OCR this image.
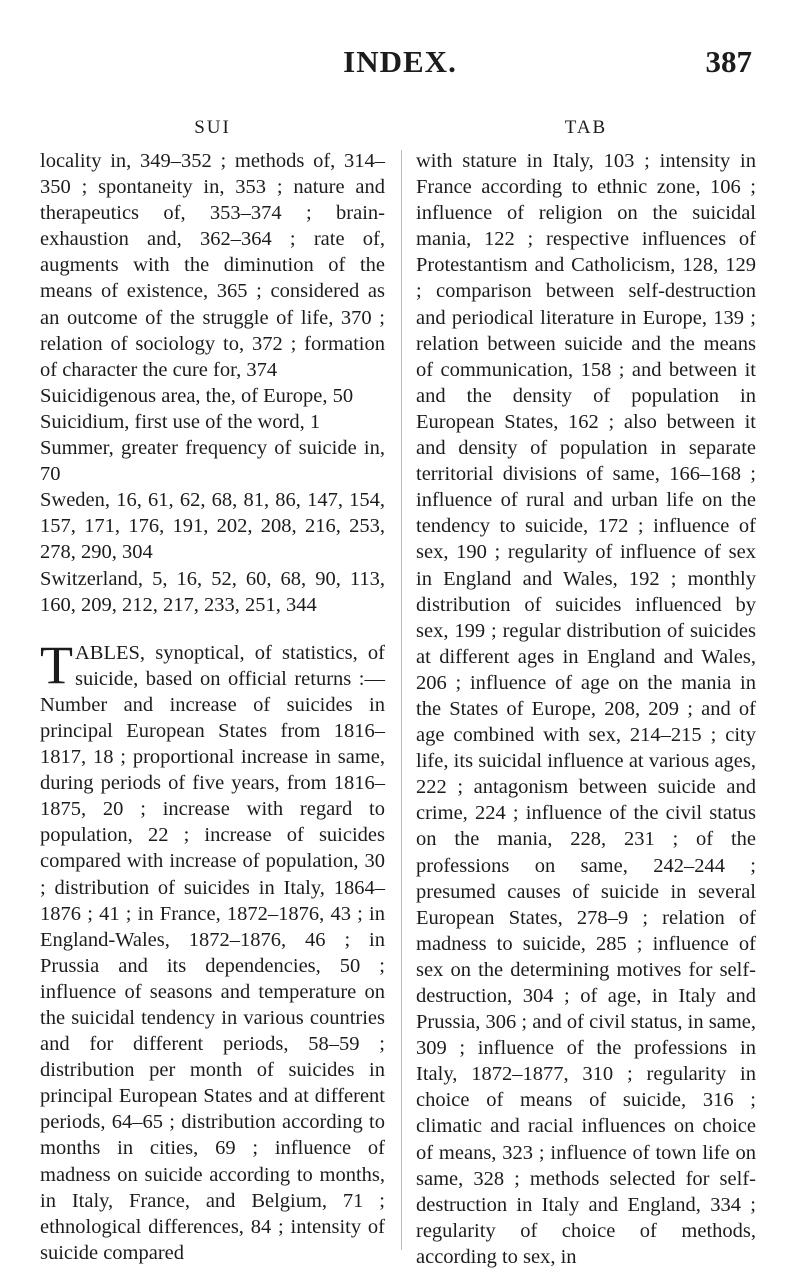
INDEX.	387
SUI	TAB

locality in, 349–352 ; methods of, 314–350 ; spontaneity in, 353 ; nature and therapeutics of, 353–374 ; brain-exhaustion and, 362–364 ; rate of, augments with the diminution of the means of existence, 365 ; considered as an outcome of the struggle of life, 370 ; relation of sociology to, 372 ; formation of character the cure for, 374

Suicidigenous area, the, of Europe, 50

Suicidium, first use of the word, 1

Summer, greater frequency of suicide in, 70

Sweden, 16, 61, 62, 68, 81, 86, 147, 154, 157, 171, 176, 191, 202, 208, 216, 253, 278, 290, 304

Switzerland, 5, 16, 52, 60, 68, 90, 113, 160, 209, 212, 217, 233, 251, 344

TABLES, synoptical, of statistics, of suicide, based on official returns :—Number and increase of suicides in principal European States from 1816–1817, 18 ; proportional increase in same, during periods of five years, from 1816–1875, 20 ; increase with regard to population, 22 ; increase of suicides compared with increase of population, 30 ; distribution of suicides in Italy, 1864–1876 ; 41 ; in France, 1872–1876, 43 ; in England-Wales, 1872–1876, 46 ; in Prussia and its dependencies, 50 ; influence of seasons and temperature on the suicidal tendency in various countries and for different periods, 58–59 ; distribution per month of suicides in principal European States and at different periods, 64–65 ; distribution according to months in cities, 69 ; influence of madness on suicide according to months, in Italy, France, and Belgium, 71 ; ethnological differences, 84 ; intensity of suicide compared

with stature in Italy, 103 ; intensity in France according to ethnic zone, 106 ; influence of religion on the suicidal mania, 122 ; respective influences of Protestantism and Catholicism, 128, 129 ; comparison between self-destruction and periodical literature in Europe, 139 ; relation between suicide and the means of communication, 158 ; and between it and the density of population in European States, 162 ; also between it and density of population in separate territorial divisions of same, 166–168 ; influence of rural and urban life on the tendency to suicide, 172 ; influence of sex, 190 ; regularity of influence of sex in England and Wales, 192 ; monthly distribution of suicides influenced by sex, 199 ; regular distribution of suicides at different ages in England and Wales, 206 ; influence of age on the mania in the States of Europe, 208, 209 ; and of age combined with sex, 214–215 ; city life, its suicidal influence at various ages, 222 ; antagonism between suicide and crime, 224 ; influence of the civil status on the mania, 228, 231 ; of the professions on same, 242–244 ; presumed causes of suicide in several European States, 278–9 ; relation of madness to suicide, 285 ; influence of sex on the determining motives for self-destruction, 304 ; of age, in Italy and Prussia, 306 ; and of civil status, in same, 309 ; influence of the professions in Italy, 1872–1877, 310 ; regularity in choice of means of suicide, 316 ; climatic and racial influences on choice of means, 323 ; influence of town life on same, 328 ; methods selected for self-destruction in Italy and England, 334 ; regularity of choice of methods, according to sex, in
